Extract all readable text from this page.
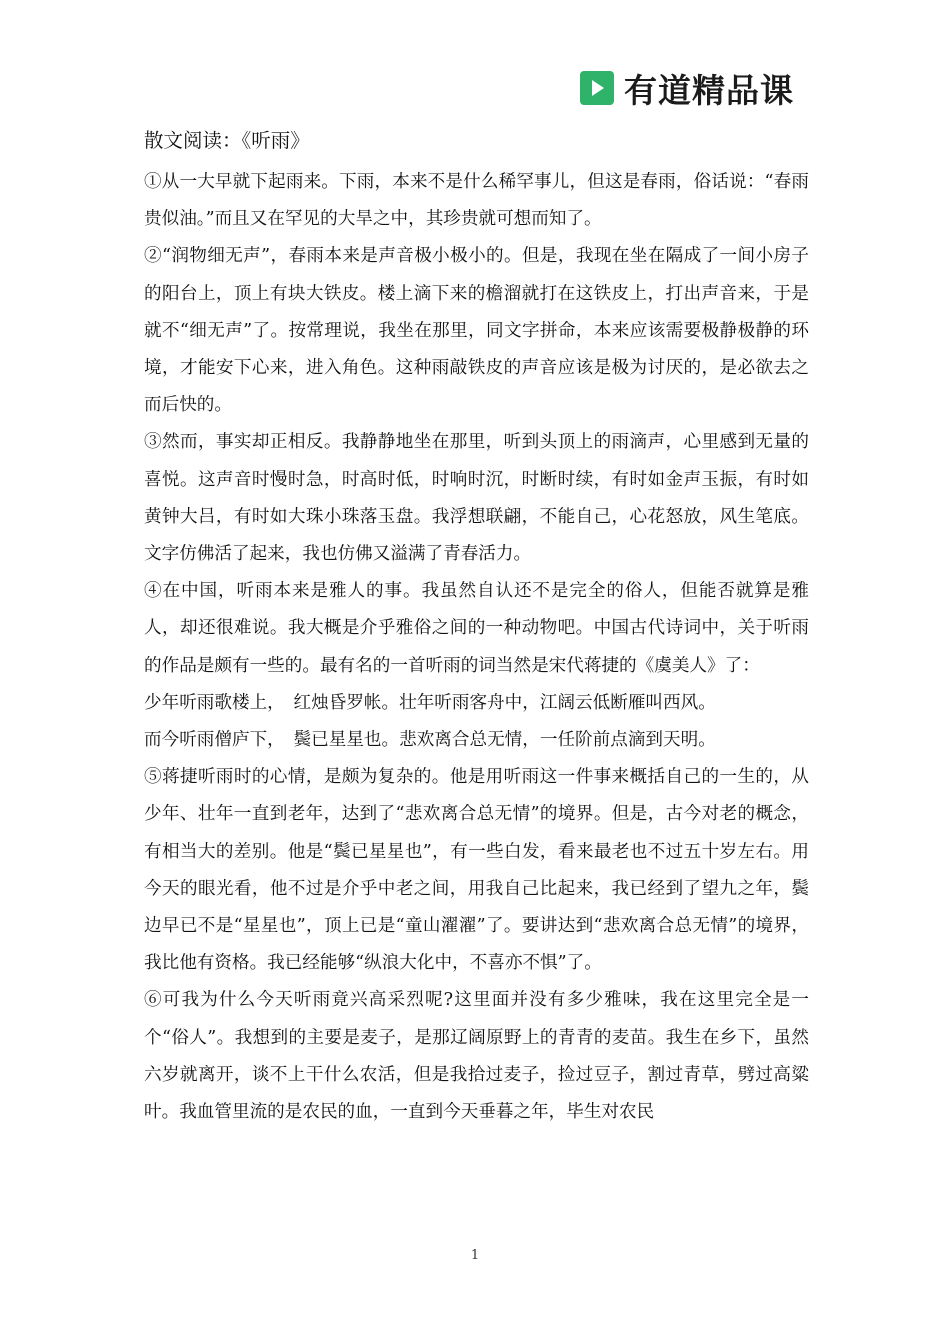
有道精品课
散文阅读：《听雨》

①从一大早就下起雨来。下雨，本来不是什么稀罕事儿，但这是春雨，俗话说：“春雨贵似油。”而且又在罕见的大旱之中，其珍贵就可想而知了。

②“润物细无声”，春雨本来是声音极小极小的。但是，我现在坐在隔成了一间小房子的阳台上，顶上有块大铁皮。楼上滴下来的檐溜就打在这铁皮上，打出声音来，于是就不“细无声”了。按常理说，我坐在那里，同文字拼命，本来应该需要极静极静的环境，才能安下心来，进入角色。这种雨敲铁皮的声音应该是极为讨厌的，是必欲去之而后快的。

③然而，事实却正相反。我静静地坐在那里，听到头顶上的雨滴声，心里感到无量的喜悦。这声音时慢时急，时高时低，时响时沉，时断时续，有时如金声玉振，有时如黄钟大吕，有时如大珠小珠落玉盘。我浮想联翩，不能自己，心花怒放，风生笔底。文字仿佛活了起来，我也仿佛又溢满了青春活力。

④在中国，听雨本来是雅人的事。我虽然自认还不是完全的俗人，但能否就算是雅人，却还很难说。我大概是介乎雅俗之间的一种动物吧。中国古代诗词中，关于听雨的作品是颇有一些的。最有名的一首听雨的词当然是宋代蒋捷的《虞美人》了：

少年听雨歌楼上，　红烛昏罗帐。壮年听雨客舟中，江阔云低断雁叫西风。

而今听雨僧庐下，　鬓已星星也。悲欢离合总无情，一任阶前点滴到天明。

⑤蒋捷听雨时的心情，是颇为复杂的。他是用听雨这一件事来概括自己的一生的，从少年、壮年一直到老年，达到了“悲欢离合总无情”的境界。但是，古今对老的概念，有相当大的差别。他是“鬓已星星也”，有一些白发，看来最老也不过五十岁左右。用今天的眼光看，他不过是介乎中老之间，用我自己比起来，我已经到了望九之年，鬓边早已不是“星星也”，顶上已是“童山濯濯”了。要讲达到“悲欢离合总无情”的境界，我比他有资格。我已经能够“纵浪大化中，不喜亦不惧”了。

⑥可我为什么今天听雨竟兴高采烈呢?这里面并没有多少雅味，我在这里完全是一个“俗人”。我想到的主要是麦子，是那辽阔原野上的青青的麦苗。我生在乡下，虽然六岁就离开，谈不上干什么农活，但是我拾过麦子，捡过豆子，割过青草，劈过高粱叶。我血管里流的是农民的血，一直到今天垂暮之年，毕生对农民

1
